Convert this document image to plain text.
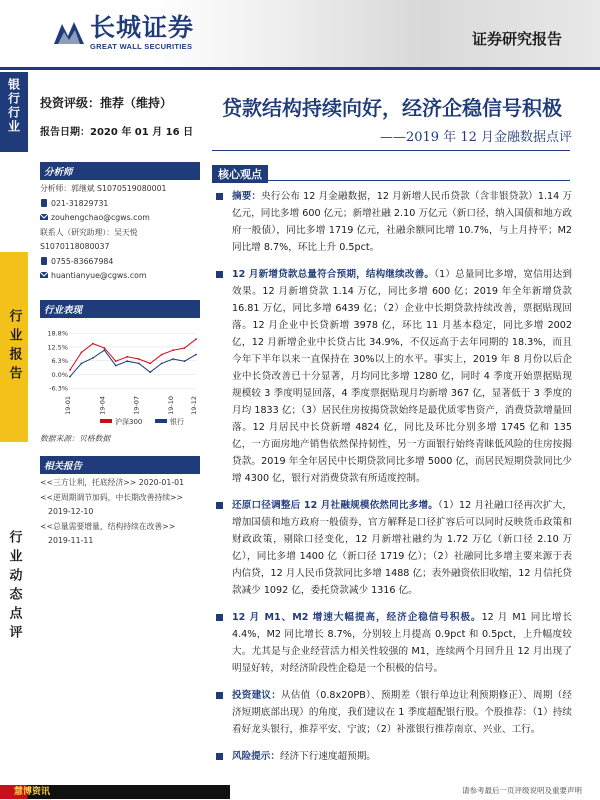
长城证券
GREAT WALL SECURITIES	证券研究报告
银行行业
行业报告
行业动态点评
投资评级：推荐（维持）
报告日期：2020 年 01 月 16 日
分析师
分析师：郭继斌 S1070519080001
021-31829731
zouhengchao@cgws.com
联系人（研究助理）：吴天悦
S1070118080037
0755-83667984
huantianyue@cgws.com
行业表现
-6.3%
0.0%
6.3%
12.5%
18.8%
19-01	19-04	19-07	19-10 19-12
沪深300	银行
数据来源：贝格数据
相关报告
<<三方让利，托底经济>> 2020-01-01
<<逆周期调节加码，中长期改善持续>>
2019-12-10
<<总量需要增量，结构持续在改善>>
2019-11-11
贷款结构持续向好，经济企稳信号积极
——2019 年 12 月金融数据点评
核心观点
摘要：央行公布 12 月金融数据，12 月新增人民币贷款（含非银贷款）1.14 万亿元，同比多增 600 亿元；新增社融 2.10 万亿元（新口径，纳入国债和地方政府一般债），同比多增 1719 亿元，社融余额同比增 10.7%，与上月持平；M2 同比增 8.7%，环比上升 0.5pct。
12 月新增贷款总量符合预期，结构继续改善。（1）总量同比多增，宽信用达到效果。12 月新增贷款 1.14 万亿，同比多增 600 亿；2019 年全年新增贷款 16.81 万亿，同比多增 6439 亿；（2）企业中长期贷款持续改善，票据贴现回落。12 月企业中长贷新增 3978 亿，环比 11 月基本稳定，同比多增 2002 亿，12 月新增企业中长贷占比 34.9%，不仅远高于去年同期的 18.3%，而且今年下半年以来一直保持在 30%以上的水平。事实上，2019 年 8 月份以后企业中长贷改善已十分显著，月均同比多增 1280 亿，同时 4 季度开始票据贴现规模较 3 季度明显回落，4 季度票据贴现月均新增 367 亿，显著低于 3 季度的月均 1833 亿；（3）居民住房按揭贷款始终是最优质零售资产，消费贷款增量回落。12 月居民中长贷新增 4824 亿，同比及环比分别多增 1745 亿和 135 亿，一方面房地产销售依然保持韧性，另一方面银行始终青睐低风险的住房按揭贷款。2019 年全年居民中长期贷款同比多增 5000 亿，而居民短期贷款同比少增 4300 亿，银行对消费贷款有所适度控制。
还原口径调整后 12 月社融规模依然同比多增。（1）12 月社融口径再次扩大，增加国债和地方政府一般债券，官方解释是口径扩容后可以同时反映货币政策和财政政策，剔除口径变化，12 月新增社融约为 1.72 万亿（新口径 2.10 万亿），同比多增 1400 亿（新口径 1719 亿）；（2）社融同比多增主要来源于表内信贷，12 月人民币贷款同比多增 1488 亿；表外融资依旧收缩，12 月信托贷款减少 1092 亿，委托贷款减少 1316 亿。
12 月 M1、M2 增速大幅提高，经济企稳信号积极。12 月 M1 同比增长 4.4%，M2 同比增长 8.7%，分别较上月提高 0.9pct 和 0.5pct，上升幅度较大。尤其是与企业经营活力相关性较强的 M1，连续两个月回升且 12 月出现了明显好转，对经济阶段性企稳是一个积极的信号。
投资建议：从估值（0.8x20PB）、预期差（银行单边让利预期修正）、周期（经济短期底部出现）的角度，我们建议在 1 季度超配银行股。个股推荐：（1）持续看好龙头银行，推荐平安、宁波；（2）补涨银行推荐南京、兴业、工行。
风险提示：经济下行速度超预期。
慧博资讯	请参考最后一页评级说明及重要声明
